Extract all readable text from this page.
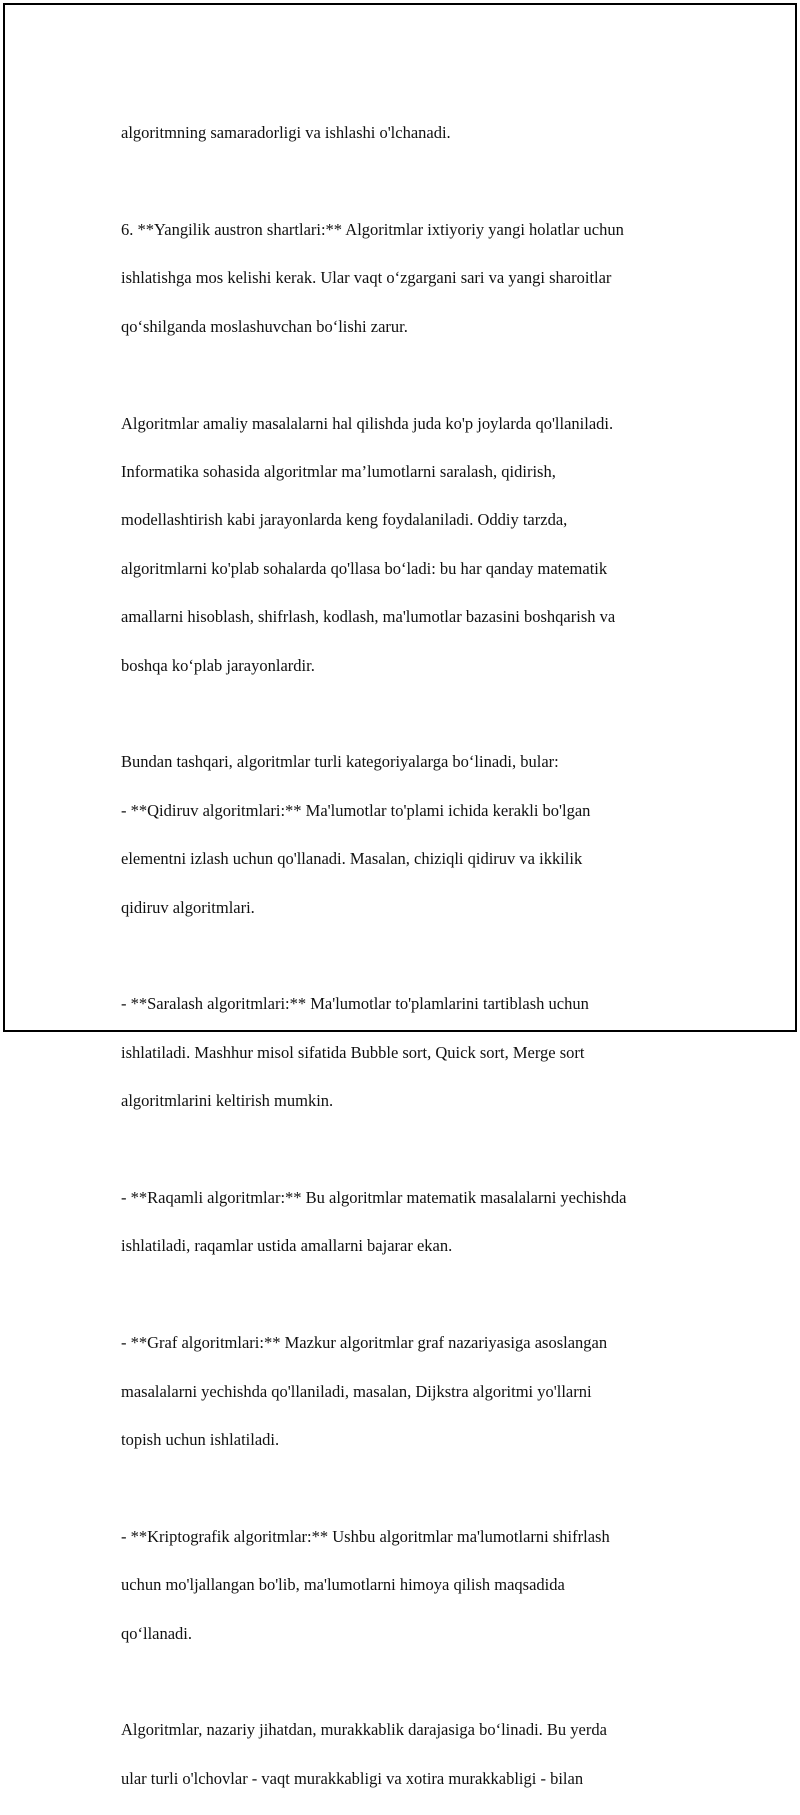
algoritmning samaradorligi va ishlashi o'lchanadi.

6. **Yangilik austron shartlari:** Algoritmlar ixtiyoriy yangi holatlar uchun

ishlatishga mos kelishi kerak. Ular vaqt o‘zgargani sari va yangi sharoitlar

qo‘shilganda moslashuvchan bo‘lishi zarur.

Algoritmlar amaliy masalalarni hal qilishda juda ko'p joylarda qo'llaniladi.

Informatika sohasida algoritmlar ma’lumotlarni saralash, qidirish,

modellashtirish kabi jarayonlarda keng foydalaniladi. Oddiy tarzda,

algoritmlarni ko'plab sohalarda qo'llasa bo‘ladi: bu har qanday matematik

amallarni hisoblash, shifrlash, kodlash, ma'lumotlar bazasini boshqarish va

boshqa ko‘plab jarayonlardir.

Bundan tashqari, algoritmlar turli kategoriyalarga bo‘linadi, bular:

- **Qidiruv algoritmlari:** Ma'lumotlar to'plami ichida kerakli bo'lgan

elementni izlash uchun qo'llanadi. Masalan, chiziqli qidiruv va ikkilik

qidiruv algoritmlari.

- **Saralash algoritmlari:** Ma'lumotlar to'plamlarini tartiblash uchun

ishlatiladi. Mashhur misol sifatida Bubble sort, Quick sort, Merge sort

algoritmlarini keltirish mumkin.

- **Raqamli algoritmlar:** Bu algoritmlar matematik masalalarni yechishda

ishlatiladi, raqamlar ustida amallarni bajarar ekan.

- **Graf algoritmlari:** Mazkur algoritmlar graf nazariyasiga asoslangan

masalalarni yechishda qo'llaniladi, masalan, Dijkstra algoritmi yo'llarni

topish uchun ishlatiladi.

- **Kriptografik algoritmlar:** Ushbu algoritmlar ma'lumotlarni shifrlash

uchun mo'ljallangan bo'lib, ma'lumotlarni himoya qilish maqsadida

qo‘llanadi.

Algoritmlar, nazariy jihatdan, murakkablik darajasiga bo‘linadi. Bu yerda

ular turli o'lchovlar - vaqt murakkabligi va xotira murakkabligi - bilan
